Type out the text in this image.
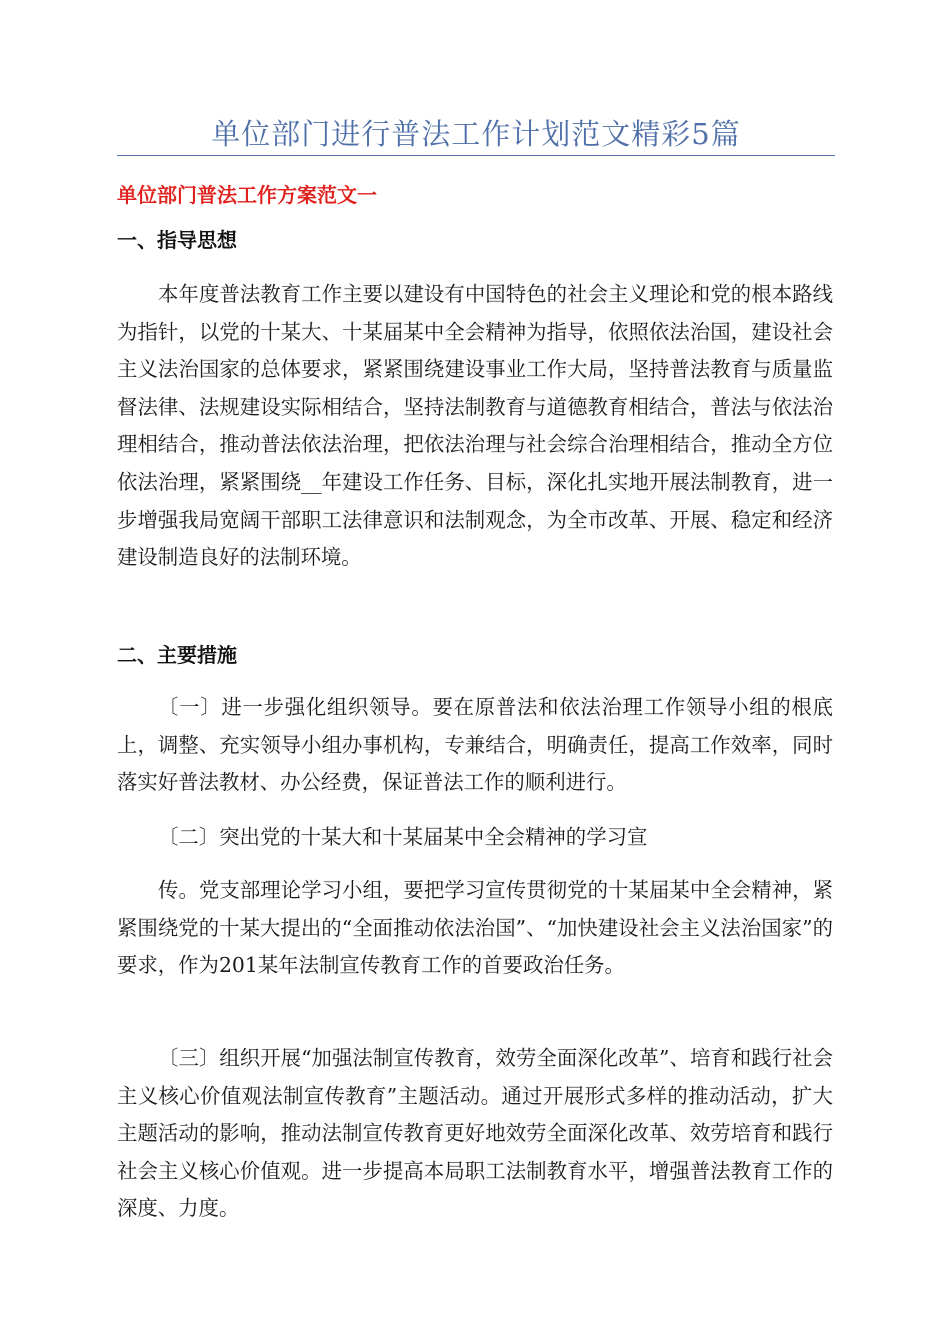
单位部门进行普法工作计划范文精彩5篇
单位部门普法工作方案范文一
一、指导思想
本年度普法教育工作主要以建设有中国特色的社会主义理论和党的根本路线为指针，以党的十某大、十某届某中全会精神为指导，依照依法治国，建设社会主义法治国家的总体要求，紧紧围绕建设事业工作大局，坚持普法教育与质量监督法律、法规建设实际相结合，坚持法制教育与道德教育相结合，普法与依法治理相结合，推动普法依法治理，把依法治理与社会综合治理相结合，推动全方位依法治理，紧紧围绕__年建设工作任务、目标，深化扎实地开展法制教育，进一步增强我局宽阔干部职工法律意识和法制观念，为全市改革、开展、稳定和经济建设制造良好的法制环境。
二、主要措施
〔一〕进一步强化组织领导。要在原普法和依法治理工作领导小组的根底上，调整、充实领导小组办事机构，专兼结合，明确责任，提高工作效率，同时落实好普法教材、办公经费，保证普法工作的顺利进行。
〔二〕突出党的十某大和十某届某中全会精神的学习宣
传。党支部理论学习小组，要把学习宣传贯彻党的十某届某中全会精神，紧紧围绕党的十某大提出的“全面推动依法治国”、“加快建设社会主义法治国家”的要求，作为201某年法制宣传教育工作的首要政治任务。
〔三〕组织开展“加强法制宣传教育，效劳全面深化改革”、培育和践行社会主义核心价值观法制宣传教育”主题活动。通过开展形式多样的推动活动，扩大主题活动的影响，推动法制宣传教育更好地效劳全面深化改革、效劳培育和践行社会主义核心价值观。进一步提高本局职工法制教育水平，增强普法教育工作的深度、力度。
